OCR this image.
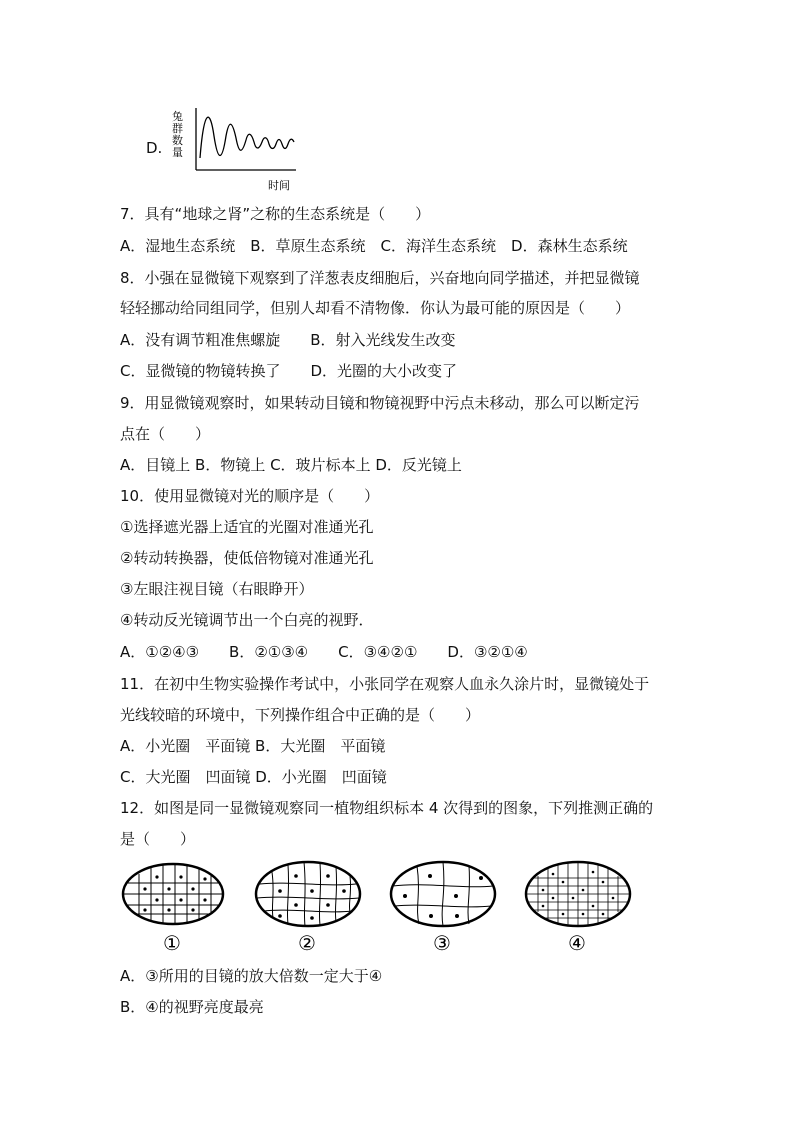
D.
兔
群
数
量
时间
7．具有“地球之肾”之称的生态系统是（　　）
A．湿地生态系统　B．草原生态系统　C．海洋生态系统　D．森林生态系统
8．小强在显微镜下观察到了洋葱表皮细胞后，兴奋地向同学描述，并把显微镜
轻轻挪动给同组同学，但别人却看不清物像．你认为最可能的原因是（　　）
A．没有调节粗准焦螺旋　　B．射入光线发生改变
C．显微镜的物镜转换了　　D．光圈的大小改变了
9．用显微镜观察时，如果转动目镜和物镜视野中污点未移动，那么可以断定污
点在（　　）
A．目镜上 B．物镜上 C．玻片标本上 D．反光镜上
10．使用显微镜对光的顺序是（　　）
①选择遮光器上适宜的光圈对准通光孔
②转动转换器，使低倍物镜对准通光孔
③左眼注视目镜（右眼睁开）
④转动反光镜调节出一个白亮的视野．
A．①②④③　　B．②①③④　　C．③④②①　　D．③②①④
11．在初中生物实验操作考试中，小张同学在观察人血永久涂片时，显微镜处于
光线较暗的环境中，下列操作组合中正确的是（　　）
A．小光圈　平面镜 B．大光圈　平面镜
C．大光圈　凹面镜 D．小光圈　凹面镜
12．如图是同一显微镜观察同一植物组织标本 4 次得到的图象，下列推测正确的
是（　　）
①	②	③	④
A．③所用的目镜的放大倍数一定大于④
B．④的视野亮度最亮
